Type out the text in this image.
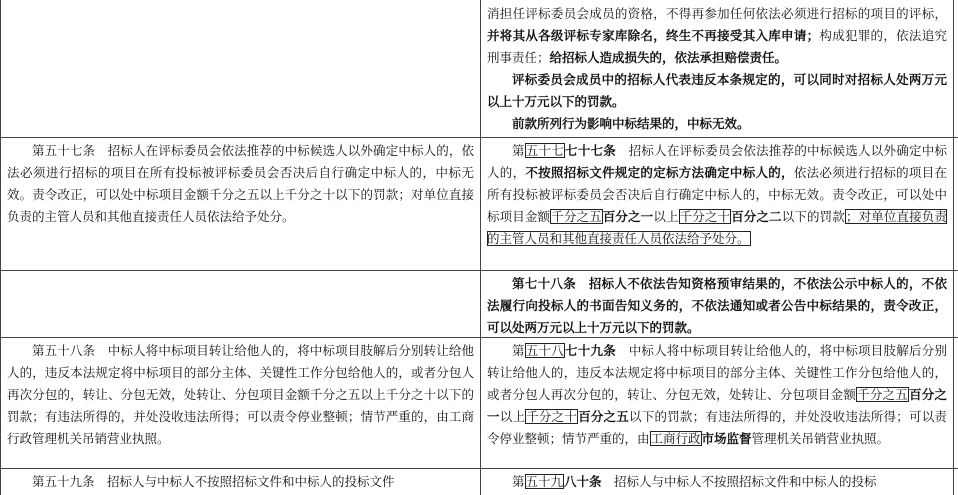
消担任评标委员会成员的资格，不得再参加任何依法必须进行招标的项目的评标，并将其从各级评标专家库除名，终生不再接受其入库申请；构成犯罪的，依法追究刑事责任；给招标人造成损失的，依法承担赔偿责任。

评标委员会成员中的招标人代表违反本条规定的，可以同时对招标人处两万元以上十万元以下的罚款。

前款所列行为影响中标结果的，中标无效。

第五十七条　招标人在评标委员会依法推荐的中标候选人以外确定中标人的，依法必须进行招标的项目在所有投标被评标委员会否决后自行确定中标人的，中标无效。责令改正，可以处中标项目金额千分之五以上千分之十以下的罚款；对单位直接负责的主管人员和其他直接责任人员依法给予处分。

第五十七七十七条　招标人在评标委员会依法推荐的中标候选人以外确定中标人的，不按照招标文件规定的定标方法确定中标人的，依法必须进行招标的项目在所有投标被评标委员会否决后自行确定中标人的，中标无效。责令改正，可以处中标项目金额千分之五百分之一以上千分之十百分之二以下的罚款；对单位直接负责的主管人员和其他直接责任人员依法给予处分。

第七十八条　招标人不依法告知资格预审结果的，不依法公示中标人的，不依法履行向投标人的书面告知义务的，不依法通知或者公告中标结果的，责令改正，可以处两万元以上十万元以下的罚款。

第五十八条　中标人将中标项目转让给他人的，将中标项目肢解后分别转让给他人的，违反本法规定将中标项目的部分主体、关键性工作分包给他人的，或者分包人再次分包的，转让、分包无效，处转让、分包项目金额千分之五以上千分之十以下的罚款；有违法所得的，并处没收违法所得；可以责令停业整顿；情节严重的，由工商行政管理机关吊销营业执照。

第五十八七十九条　中标人将中标项目转让给他人的，将中标项目肢解后分别转让给他人的，违反本法规定将中标项目的部分主体、关键性工作分包给他人的，或者分包人再次分包的，转让、分包无效，处转让、分包项目金额千分之五百分之一以上千分之十百分之五以下的罚款；有违法所得的，并处没收违法所得；可以责令停业整顿；情节严重的，由工商行政市场监督管理机关吊销营业执照。

第五十九条　招标人与中标人不按照招标文件和中标人的投标文件	第五十九八十条　招标人与中标人不按照招标文件和中标人的投标
